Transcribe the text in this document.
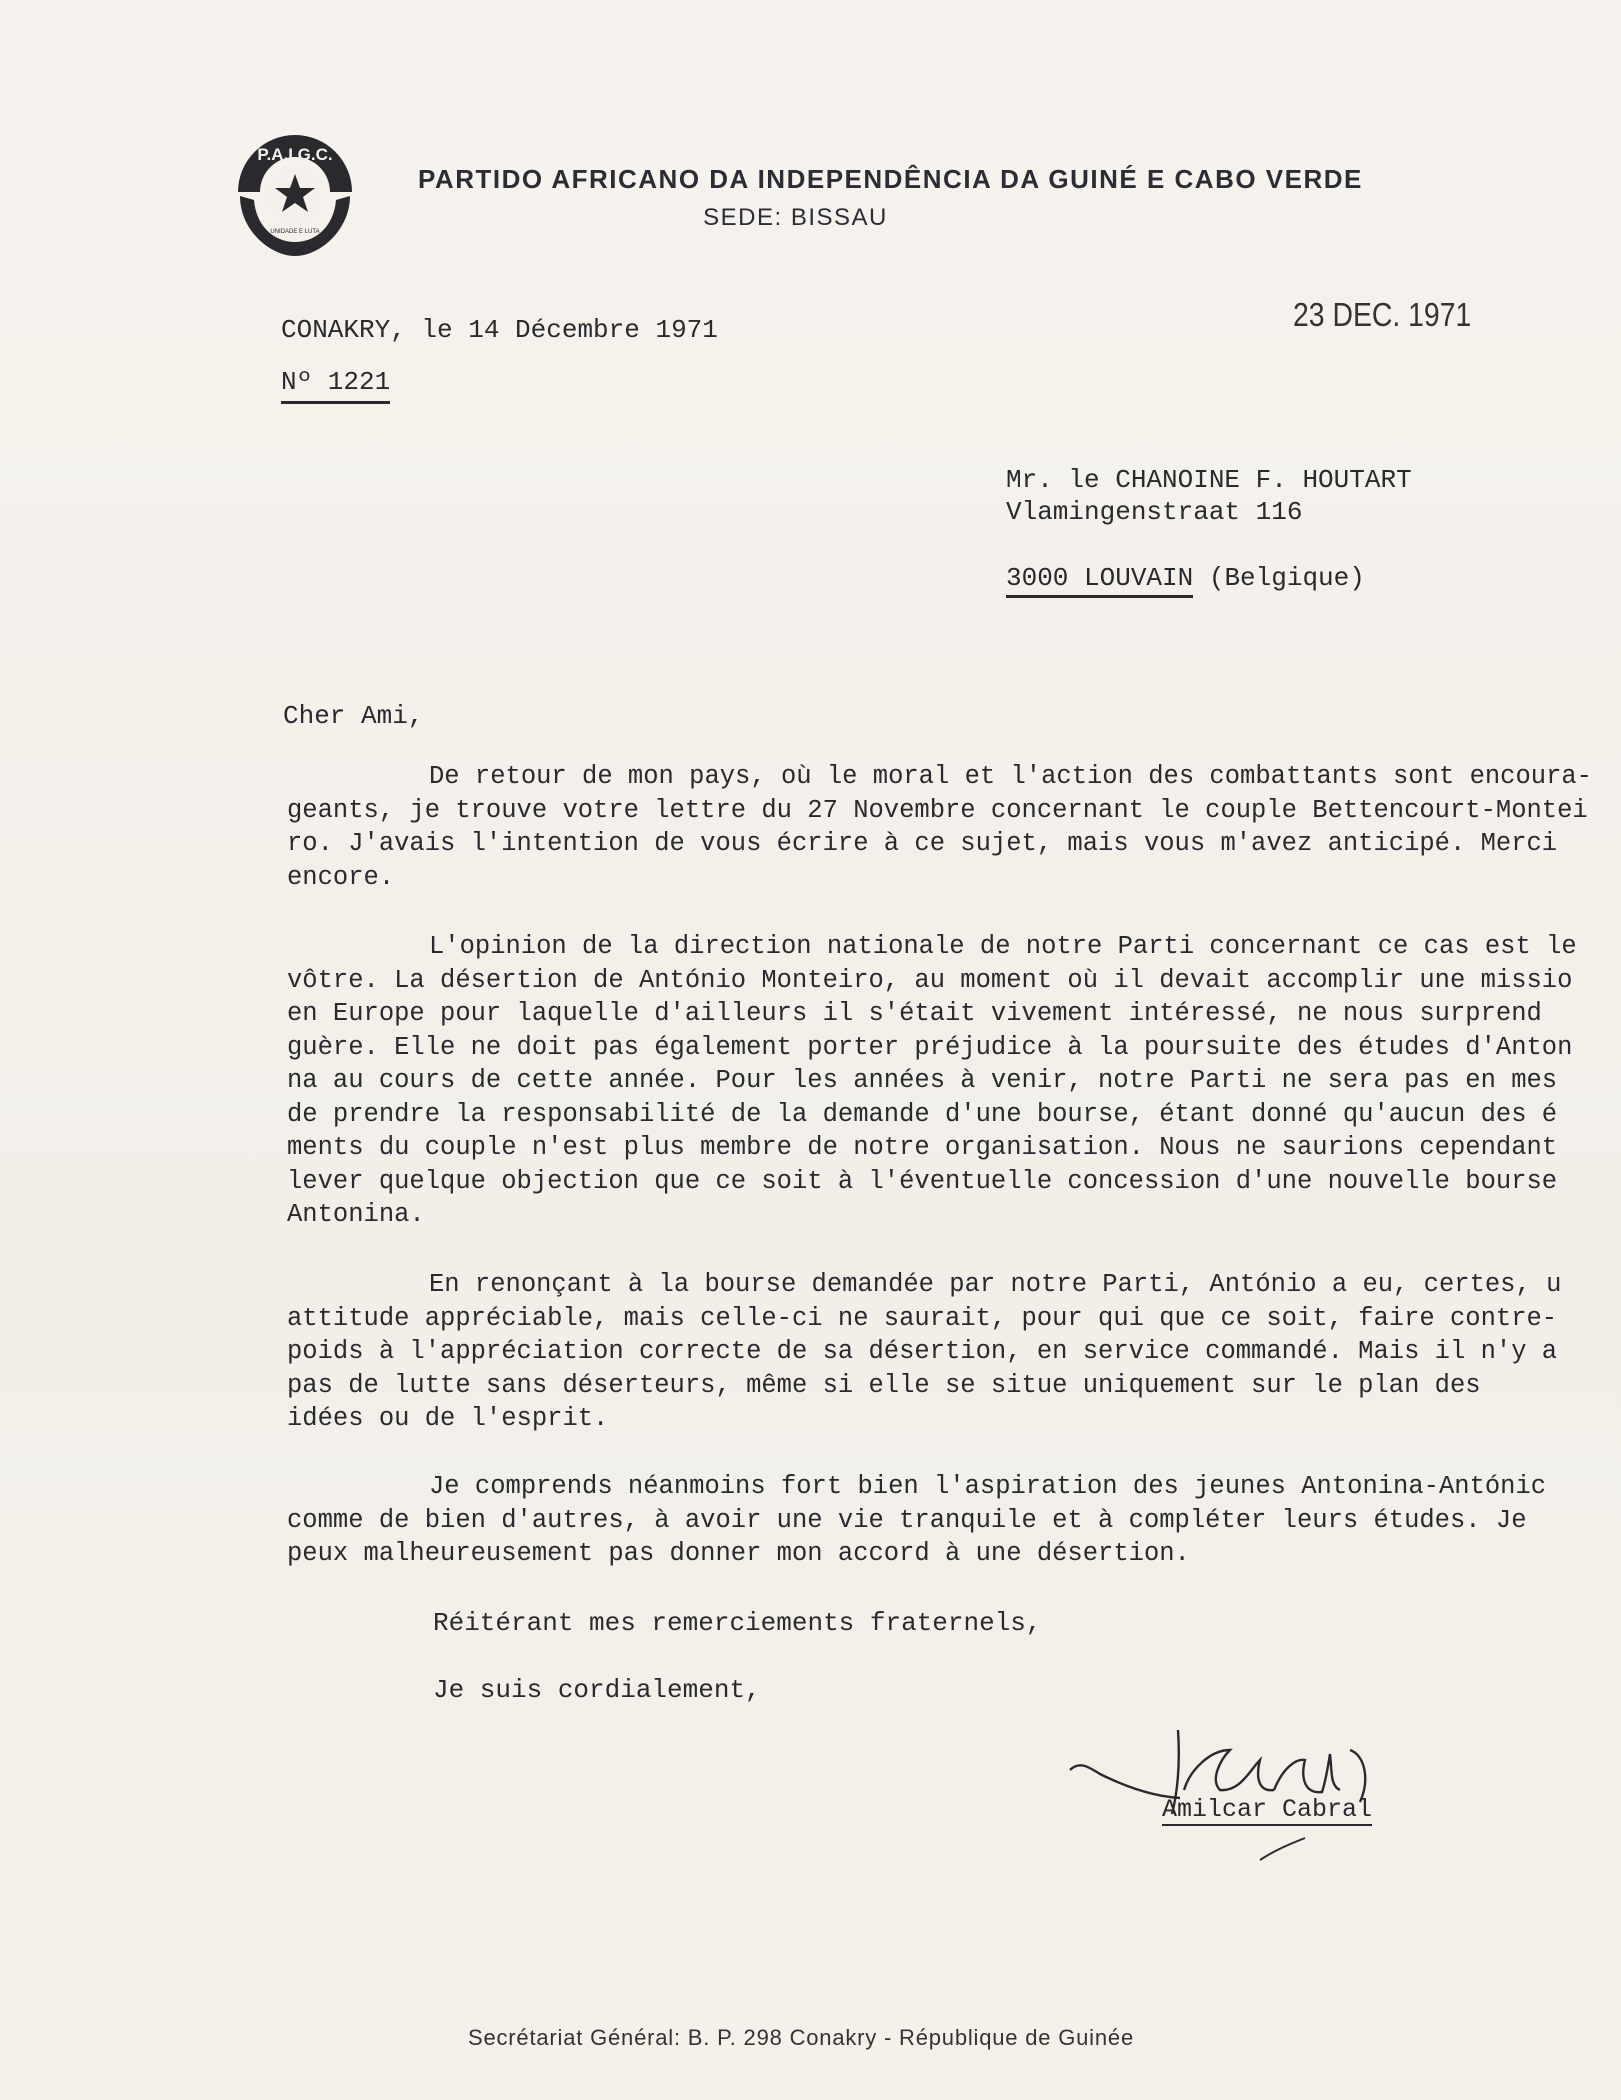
P.A.I.G.C.
UNIDADE E LUTA
PARTIDO AFRICANO DA INDEPENDÊNCIA DA GUINÉ E CABO VERDE
SEDE: BISSAU
23 DEC. 1971
CONAKRY, le 14 Décembre 1971
Nº 1221
Mr. le CHANOINE F. HOUTART
Vlamingenstraat 116
3000 LOUVAIN (Belgique)
Cher Ami,
De retour de mon pays, où le moral et l'action des combattants sont encoura-
geants, je trouve votre lettre du 27 Novembre concernant le couple Bettencourt-Montei
ro. J'avais l'intention de vous écrire à ce sujet, mais vous m'avez anticipé. Merci
encore.
L'opinion de la direction nationale de notre Parti concernant ce cas est le
vôtre. La désertion de António Monteiro, au moment où il devait accomplir une missio
en Europe pour laquelle d'ailleurs il s'était vivement intéressé, ne nous surprend
guère. Elle ne doit pas également porter préjudice à la poursuite des études d'Anton
na au cours de cette année. Pour les années à venir, notre Parti ne sera pas en mes
de prendre la responsabilité de la demande d'une bourse, étant donné qu'aucun des é
ments du couple n'est plus membre de notre organisation. Nous ne saurions cependant
lever quelque objection que ce soit à l'éventuelle concession d'une nouvelle bourse
Antonina.
En renonçant à la bourse demandée par notre Parti, António a eu, certes, u
attitude appréciable, mais celle-ci ne saurait, pour qui que ce soit, faire contre-
poids à l'appréciation correcte de sa désertion, en service commandé. Mais il n'y a
pas de lutte sans déserteurs, même si elle se situe uniquement sur le plan des
idées ou de l'esprit.
Je comprends néanmoins fort bien l'aspiration des jeunes Antonina-Antónic
comme de bien d'autres, à avoir une vie tranquile et à compléter leurs études. Je
peux malheureusement pas donner mon accord à une désertion.
Réitérant mes remerciements fraternels,
Je suis cordialement,
Amilcar Cabral
Secrétariat Général: B. P. 298 Conakry - République de Guinée
